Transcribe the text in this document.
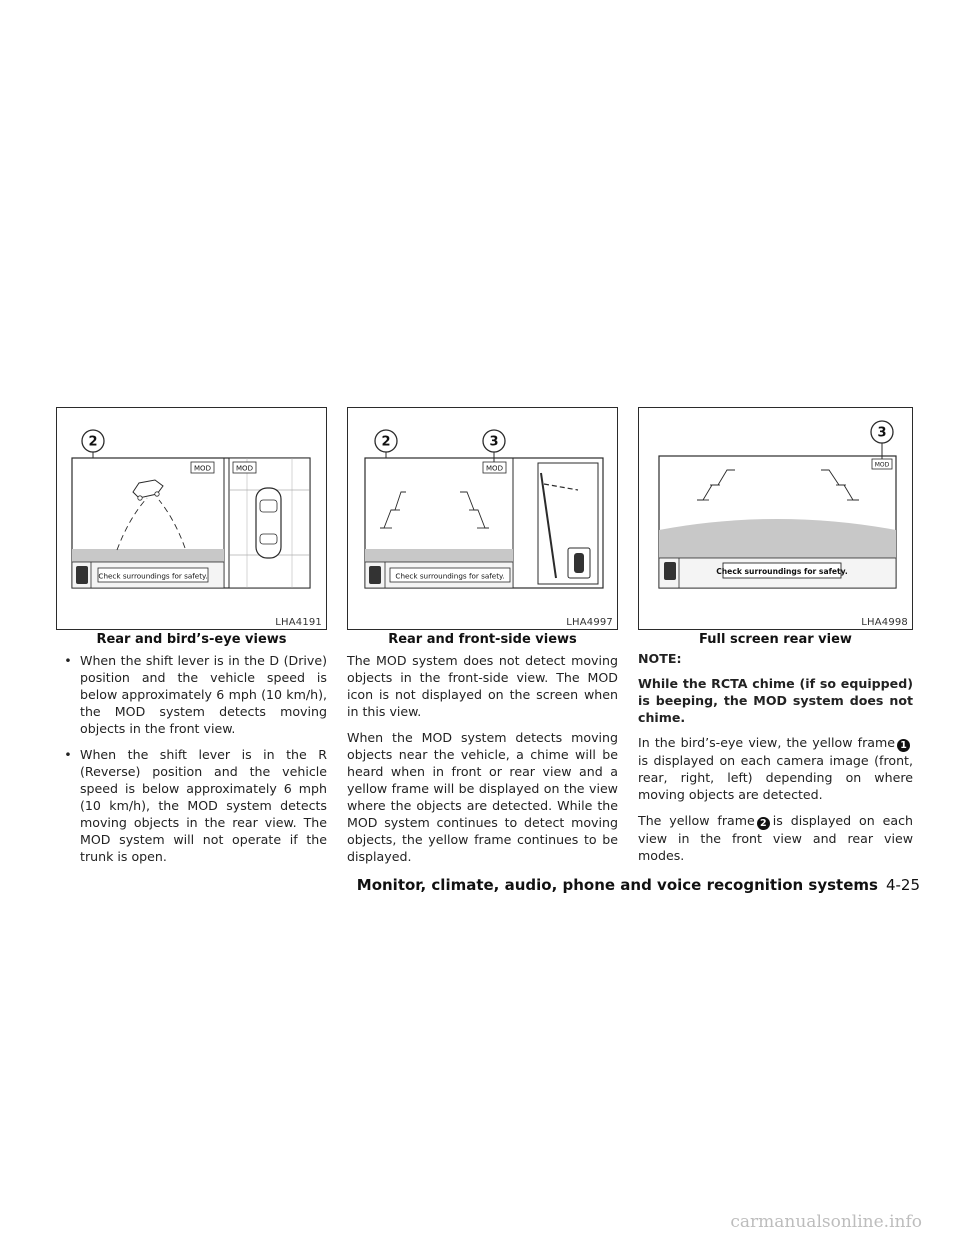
MOD	MOD
Check surroundings for safety.
2
LHA4191
MOD
Check surroundings for safety.
2	3
LHA4997
MOD
Check surroundings for safety.
3
LHA4998
Rear and bird’s-eye views	Rear and front-side views	Full screen rear view
• When the shift lever is in the D (Drive) position and the vehicle speed is below approximately 6 mph (10 km/h), the MOD system detects moving objects in the front view.
• When the shift lever is in the R (Reverse) position and the vehicle speed is below approximately 6 mph (10 km/h), the MOD system detects moving objects in the rear view. The MOD system will not operate if the trunk is open.

The MOD system does not detect moving objects in the front-side view. The MOD icon is not displayed on the screen when in this view.

When the MOD system detects moving objects near the vehicle, a chime will be heard when in front or rear view and a yellow frame will be displayed on the view where the objects are detected. While the MOD system continues to detect moving objects, the yellow frame continues to be displayed.

NOTE:
While the RCTA chime (if so equipped) is beeping, the MOD system does not chime.

In the bird’s-eye view, the yellow frame 1is displayed on each camera image (front, rear, right, left) depending on where moving objects are detected.

The yellow frame 2 is displayed on each view in the front view and rear view modes.

Monitor, climate, audio, phone and voice recognition systems 4-25
carmanualsonline.info
